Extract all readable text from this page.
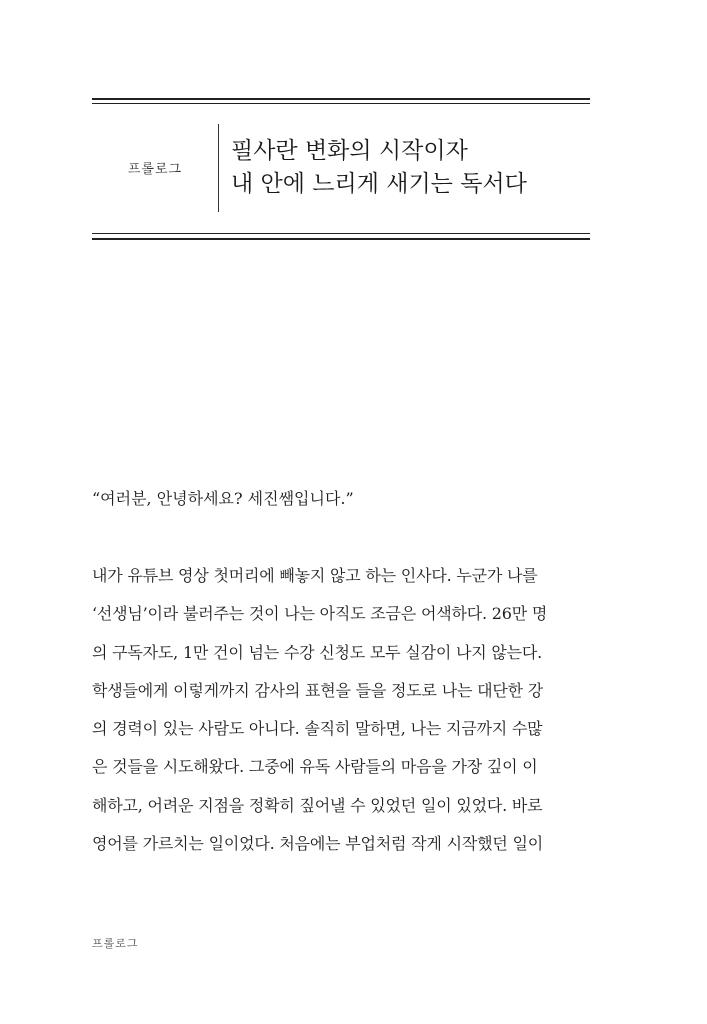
프롤로그
필사란 변화의 시작이자
내 안에 느리게 새기는 독서다
“여러분, 안녕하세요? 세진쌤입니다.”
내가 유튜브 영상 첫머리에 빼놓지 않고 하는 인사다. 누군가 나를
‘선생님’이라 불러주는 것이 나는 아직도 조금은 어색하다. 26만 명
의 구독자도, 1만 건이 넘는 수강 신청도 모두 실감이 나지 않는다.
학생들에게 이렇게까지 감사의 표현을 들을 정도로 나는 대단한 강
의 경력이 있는 사람도 아니다. 솔직히 말하면, 나는 지금까지 수많
은 것들을 시도해왔다. 그중에 유독 사람들의 마음을 가장 깊이 이
해하고, 어려운 지점을 정확히 짚어낼 수 있었던 일이 있었다. 바로
영어를 가르치는 일이었다. 처음에는 부업처럼 작게 시작했던 일이
프롤로그
